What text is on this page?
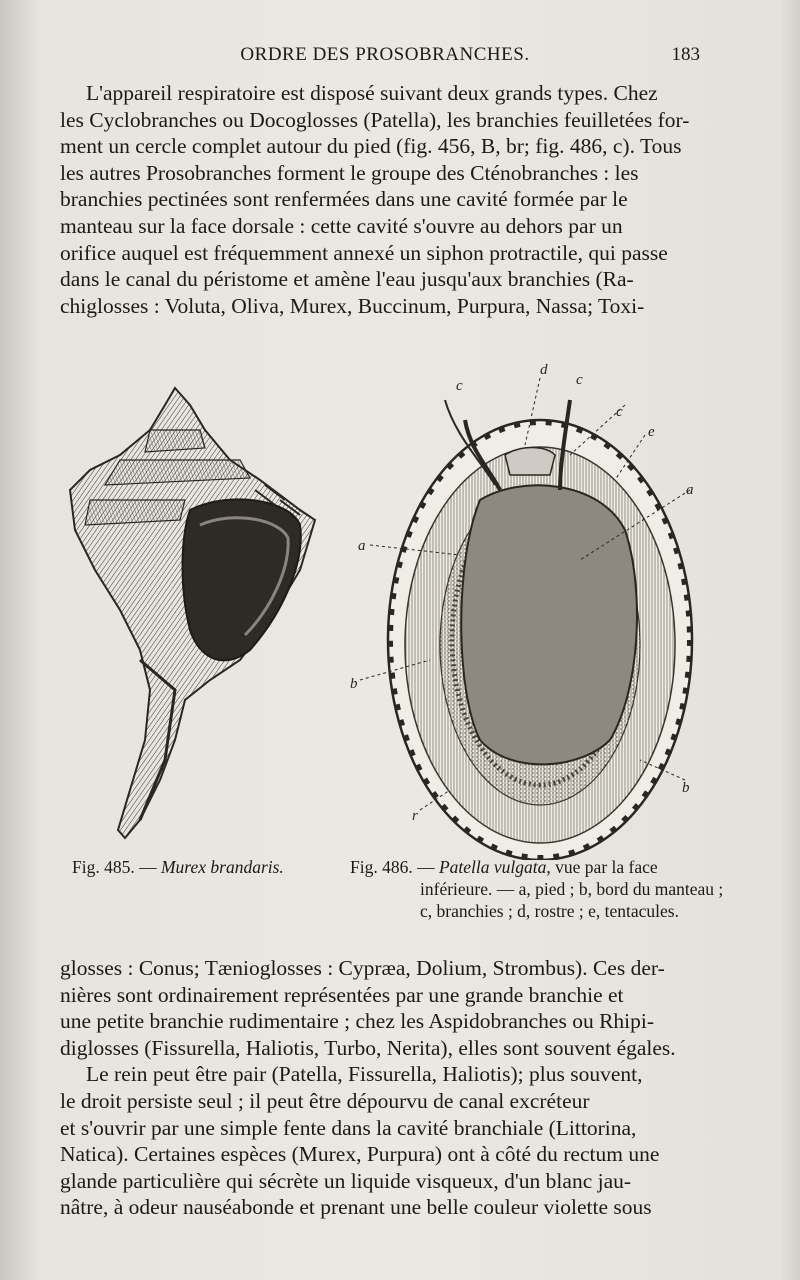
ORDRE DES PROSOBRANCHES.	183
L'appareil respiratoire est disposé suivant deux grands types. Chez
les Cyclobranches ou Docoglosses (Patella), les branchies feuilletées for-
ment un cercle complet autour du pied (fig. 456, B, br; fig. 486, c). Tous
les autres Prosobranches forment le groupe des Cténobranches : les
branchies pectinées sont renfermées dans une cavité formée par le
manteau sur la face dorsale : cette cavité s'ouvre au dehors par un
orifice auquel est fréquemment annexé un siphon protractile, qui passe
dans le canal du péristome et amène l'eau jusqu'aux branchies (Ra-
chiglosses : Voluta, Oliva, Murex, Buccinum, Purpura, Nassa; Toxi-
d
c	c
c
e
a
a
b
b
r
Fig. 485. — Murex brandaris.	Fig. 486. — Patella vulgata, vue par la face
inférieure. — a, pied ; b, bord du manteau ;
c, branchies ; d, rostre ; e, tentacules.
glosses : Conus; Tænioglosses : Cypræa, Dolium, Strombus). Ces der-
nières sont ordinairement représentées par une grande branchie et
une petite branchie rudimentaire ; chez les Aspidobranches ou Rhipi-
diglosses (Fissurella, Haliotis, Turbo, Nerita), elles sont souvent égales.
Le rein peut être pair (Patella, Fissurella, Haliotis); plus souvent,
le droit persiste seul ; il peut être dépourvu de canal excréteur
et s'ouvrir par une simple fente dans la cavité branchiale (Littorina,
Natica). Certaines espèces (Murex, Purpura) ont à côté du rectum une
glande particulière qui sécrète un liquide visqueux, d'un blanc jau-
nâtre, à odeur nauséabonde et prenant une belle couleur violette sous
